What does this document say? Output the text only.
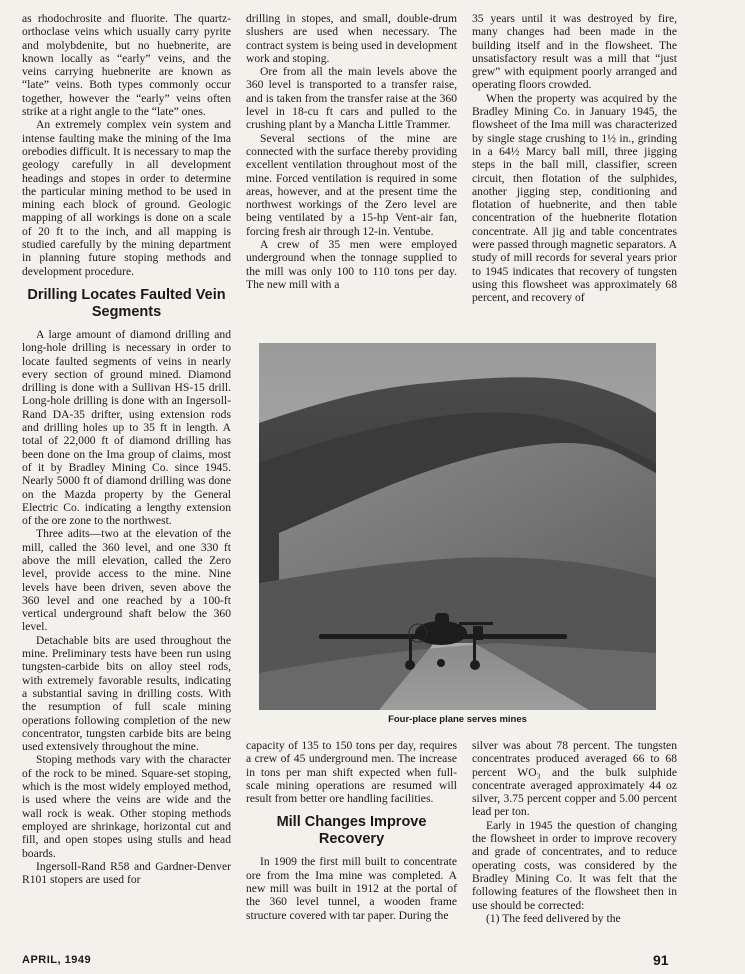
as rhodochrosite and fluorite. The quartz-orthoclase veins which usually carry pyrite and molybdenite, but no huebnerite, are known locally as “early” veins, and the veins carrying huebnerite are known as “late” veins. Both types commonly occur together, however the “early” veins often strike at a right angle to the “late” ones.

An extremely complex vein system and intense faulting make the mining of the Ima orebodies difficult. It is necessary to map the geology carefully in all development headings and stopes in order to determine the particular mining method to be used in mining each block of ground. Geologic mapping of all workings is done on a scale of 20 ft to the inch, and all mapping is studied carefully by the mining department in planning future stoping methods and development procedure.

Drilling Locates Faulted Vein Segments

A large amount of diamond drilling and long-hole drilling is necessary in order to locate faulted segments of veins in nearly every section of ground mined. Diamond drilling is done with a Sullivan HS-15 drill. Long-hole drilling is done with an Ingersoll-Rand DA-35 drifter, using extension rods and drilling holes up to 35 ft in length. A total of 22,000 ft of diamond drilling has been done on the Ima group of claims, most of it by Bradley Mining Co. since 1945. Nearly 5000 ft of diamond drilling was done on the Mazda property by the General Electric Co. indicating a lengthy extension of the ore zone to the northwest.

Three adits—two at the elevation of the mill, called the 360 level, and one 330 ft above the mill elevation, called the Zero level, provide access to the mine. Nine levels have been driven, seven above the 360 level and one reached by a 100-ft vertical underground shaft below the 360 level.

Detachable bits are used throughout the mine. Preliminary tests have been run using tungsten-carbide bits on alloy steel rods, with extremely favorable results, indicating a substantial saving in drilling costs. With the resumption of full scale mining operations following completion of the new concentrator, tungsten carbide bits are being used extensively throughout the mine.

Stoping methods vary with the character of the rock to be mined. Square-set stoping, which is the most widely employed method, is used where the veins are wide and the wall rock is weak. Other stoping methods employed are shrinkage, horizontal cut and fill, and open stopes using stulls and head boards.

Ingersoll-Rand R58 and Gardner-Denver R101 stopers are used for

drilling in stopes, and small, double-drum slushers are used when necessary. The contract system is being used in development work and stoping.

Ore from all the main levels above the 360 level is transported to a transfer raise, and is taken from the transfer raise at the 360 level in 18-cu ft cars and pulled to the crushing plant by a Mancha Little Trammer.

Several sections of the mine are connected with the surface thereby providing excellent ventilation throughout most of the mine. Forced ventilation is required in some areas, however, and at the present time the northwest workings of the Zero level are being ventilated by a 15-hp Vent-air fan, forcing fresh air through 12-in. Ventube.

A crew of 35 men were employed underground when the tonnage supplied to the mill was only 100 to 110 tons per day. The new mill with a

35 years until it was destroyed by fire, many changes had been made in the building itself and in the flowsheet. The unsatisfactory result was a mill that “just grew” with equipment poorly arranged and operating floors crowded.

When the property was acquired by the Bradley Mining Co. in January 1945, the flowsheet of the Ima mill was characterized by single stage crushing to 1½ in., grinding in a 64½ Marcy ball mill, three jigging steps in the ball mill, classifier, screen circuit, then flotation of the sulphides, another jigging step, conditioning and flotation of huebnerite, and then table concentration of the huebnerite flotation concentrate. All jig and table concentrates were passed through magnetic separators. A study of mill records for several years prior to 1945 indicates that recovery of tungsten using this flowsheet was approximately 68 percent, and recovery of

Four-place plane serves mines

capacity of 135 to 150 tons per day, requires a crew of 45 underground men. The increase in tons per man shift expected when full-scale mining operations are resumed will result from better ore handling facilities.

Mill Changes Improve Recovery

In 1909 the first mill built to concentrate ore from the Ima mine was completed. A new mill was built in 1912 at the portal of the 360 level tunnel, a wooden frame structure covered with tar paper. During the

silver was about 78 percent. The tungsten concentrates produced averaged 66 to 68 percent WO₃ and the bulk sulphide concentrate averaged approximately 44 oz silver, 3.75 percent copper and 5.00 percent lead per ton.

Early in 1945 the question of changing the flowsheet in order to improve recovery and grade of concentrates, and to reduce operating costs, was considered by the Bradley Mining Co. It was felt that the following features of the flowsheet then in use should be corrected:

(1) The feed delivered by the

APRIL, 1949	91
